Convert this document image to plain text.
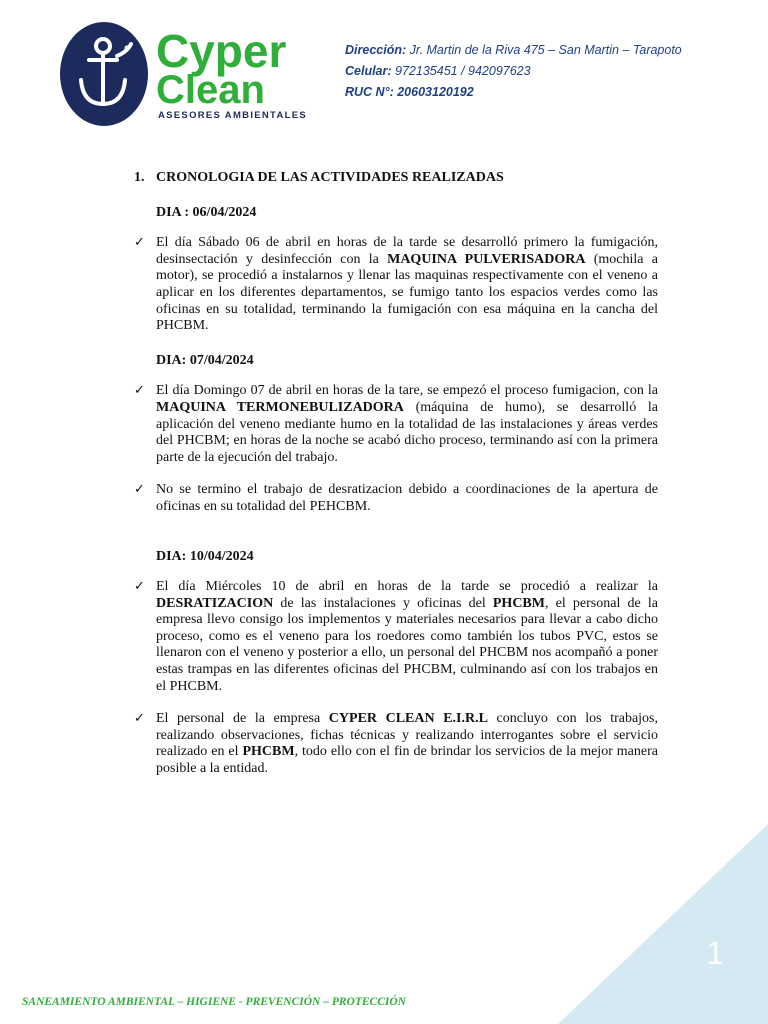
Cyper
Clean
ASESORES AMBIENTALES
Dirección: Jr. Martin de la Riva 475 – San Martin – Tarapoto
Celular: 972135451 / 942097623
RUC N°: 20603120192
1. CRONOLOGIA DE LAS ACTIVIDADES REALIZADAS
DIA : 06/04/2024
✓ El día Sábado 06 de abril en horas de la tarde se desarrolló primero la fumigación, desinsectación y desinfección con la MAQUINA PULVERISADORA (mochila a motor), se procedió a instalarnos y llenar las maquinas respectivamente con el veneno a aplicar en los diferentes departamentos, se fumigo tanto los espacios verdes como las oficinas en su totalidad, terminando la fumigación con esa máquina en la cancha del PHCBM.

DIA: 07/04/2024
✓ El día Domingo 07 de abril en horas de la tare, se empezó el proceso fumigacion, con la MAQUINA TERMONEBULIZADORA (máquina de humo), se desarrolló la aplicación del veneno mediante humo en la totalidad de las instalaciones y áreas verdes del PHCBM; en horas de la noche se acabó dicho proceso, terminando así con la primera parte de la ejecución del trabajo.

✓ No se termino el trabajo de desratizacion debido a coordinaciones de la apertura de oficinas en su totalidad del PEHCBM.

DIA: 10/04/2024
✓ El día Miércoles 10 de abril en horas de la tarde se procedió a realizar la DESRATIZACION de las instalaciones y oficinas del PHCBM, el personal de la empresa llevo consigo los implementos y materiales necesarios para llevar a cabo dicho proceso, como es el veneno para los roedores como también los tubos PVC, estos se llenaron con el veneno y posterior a ello, un personal del PHCBM nos acompañó a poner estas trampas en las diferentes oficinas del PHCBM, culminando así con los trabajos en el PHCBM.

✓ El personal de la empresa CYPER CLEAN E.I.R.L concluyo con los trabajos, realizando observaciones, fichas técnicas y realizando interrogantes sobre el servicio realizado en el PHCBM, todo ello con el fin de brindar los servicios de la mejor manera posible a la entidad.

1
SANEAMIENTO AMBIENTAL – HIGIENE - PREVENCIÓN – PROTECCIÓN
